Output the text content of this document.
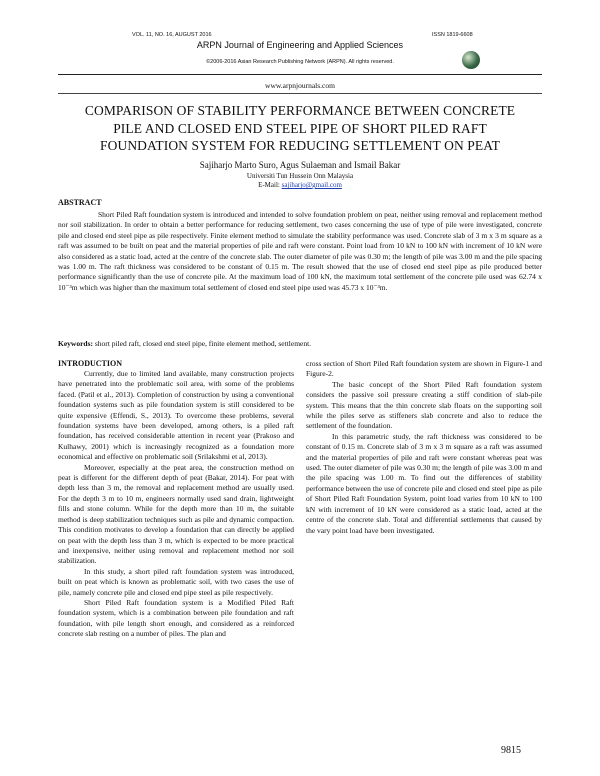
VOL. 11, NO. 16, AUGUST 2016	ISSN 1819-6608
ARPN Journal of Engineering and Applied Sciences
©2006-2016 Asian Research Publishing Network (ARPN). All rights reserved.
www.arpnjournals.com
COMPARISON OF STABILITY PERFORMANCE BETWEEN CONCRETE
PILE AND CLOSED END STEEL PIPE OF SHORT PILED RAFT
FOUNDATION SYSTEM FOR REDUCING SETTLEMENT ON PEAT
Sajiharjo Marto Suro, Agus Sulaeman and Ismail Bakar
Universiti Tun Hussein Onn Malaysia
E-Mail: sajiharjo@gmail.com
ABSTRACT

Short Piled Raft foundation system is introduced and intended to solve foundation problem on peat, neither using removal and replacement method nor soil stabilization. In order to obtain a better performance for reducing settlement, two cases concerning the use of type of pile were investigated, concrete pile and closed end steel pipe as pile respectively. Finite element method to simulate the stability performance was used. Concrete slab of 3 m x 3 m square as a raft was assumed to be built on peat and the material properties of pile and raft were constant. Point load from 10 kN to 100 kN with increment of 10 kN were also considered as a static load, acted at the centre of the concrete slab. The outer diameter of pile was 0.30 m; the length of pile was 3.00 m and the pile spacing was 1.00 m. The raft thickness was considered to be constant of 0.15 m. The result showed that the use of closed end steel pipe as pile produced better performance significantly than the use of concrete pile. At the maximum load of 100 kN, the maximum total settlement of the concrete pile used was 62.74 x 10⁻³m which was higher than the maximum total settlement of closed end steel pipe used was 45.73 x 10⁻³m.

Keywords: short piled raft, closed end steel pipe, finite element method, settlement.
INTRODUCTION

Currently, due to limited land available, many construction projects have penetrated into the problematic soil area, with some of the problems faced. (Patil et al., 2013). Completion of construction by using a conventional foundation systems such as pile foundation system is still considered to be quite expensive (Effendi, S., 2013). To overcome these problems, several foundation systems have been developed, among others, is a piled raft foundation, has received considerable attention in recent year (Prakoso and Kulhawy, 2001) which is increasingly recognized as a foundation more economical and effective on problematic soil (Srilakshmi et al, 2013).

Moreover, especially at the peat area, the construction method on peat is different for the different depth of peat (Bakar, 2014). For peat with depth less than 3 m, the removal and replacement method are usually used. For the depth 3 m to 10 m, engineers normally used sand drain, lightweight fills and stone column. While for the depth more than 10 m, the suitable method is deep stabilization techniques such as pile and dynamic compaction. This condition motivates to develop a foundation that can directly be applied on peat with the depth less than 3 m, which is expected to be more practical and inexpensive, neither using removal and replacement method nor soil stabilization.

In this study, a short piled raft foundation system was introduced, built on peat which is known as problematic soil, with two cases the use of pile, namely concrete pile and closed end pipe steel as pile respectively.

Short Piled Raft foundation system is a Modified Piled Raft foundation system, which is a combination between pile foundation and raft foundation, with pile length short enough, and considered as a reinforced concrete slab resting on a number of piles. The plan and

cross section of Short Piled Raft foundation system are shown in Figure-1 and Figure-2.

The basic concept of the Short Piled Raft foundation system considers the passive soil pressure creating a stiff condition of slab-pile system. This means that the thin concrete slab floats on the supporting soil while the piles serve as stiffeners slab concrete and also to reduce the settlement of the foundation.

In this parametric study, the raft thickness was considered to be constant of 0.15 m. Concrete slab of 3 m x 3 m square as a raft was assumed and the material properties of pile and raft were constant whereas peat was used. The outer diameter of pile was 0.30 m; the length of pile was 3.00 m and the pile spacing was 1.00 m. To find out the differences of stability performance between the use of concrete pile and closed end steel pipe as pile of Short Piled Raft Foundation System, point load varies from 10 kN to 100 kN with increment of 10 kN were considered as a static load, acted at the centre of the concrete slab. Total and differential settlements that caused by the vary point load have been investigated.

9815
